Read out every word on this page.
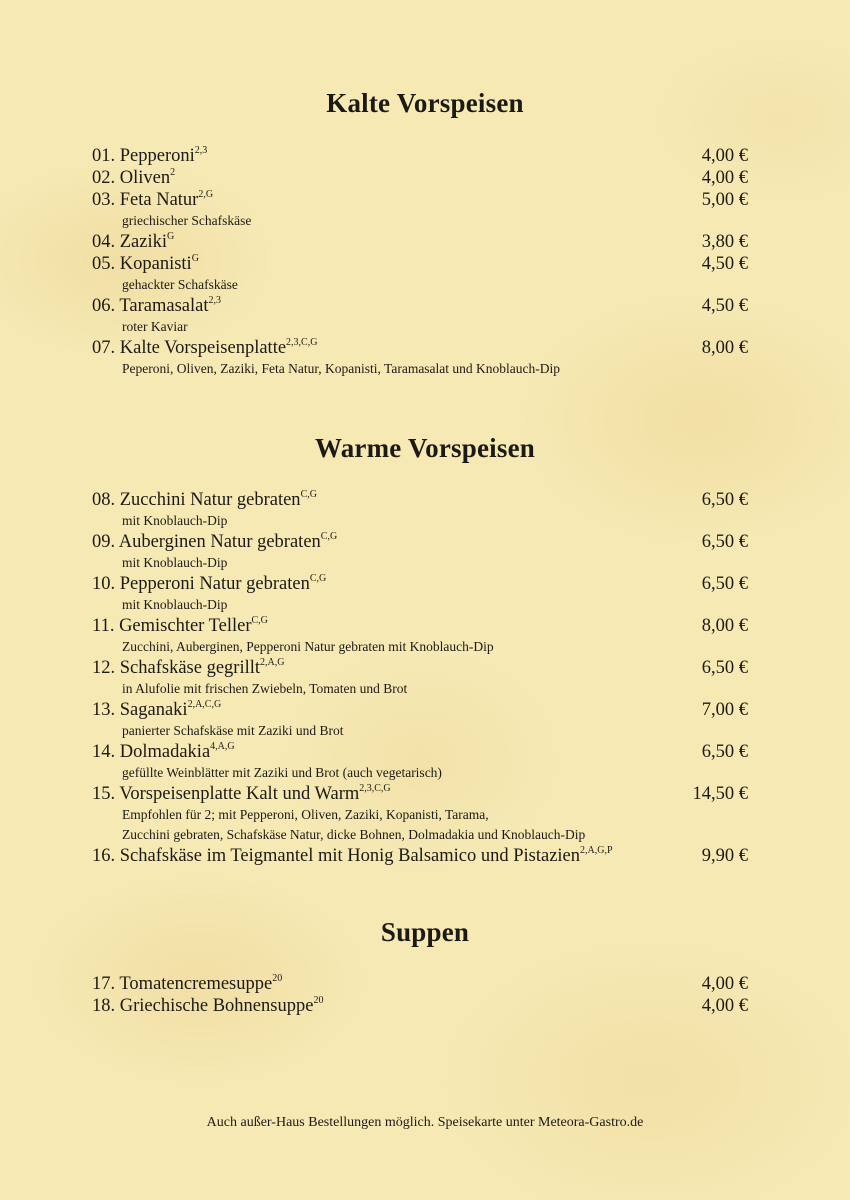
Kalte Vorspeisen
01. Pepperoni$^{2,3}$	4,00 €
02. Oliven$^2$	4,00 €
03. Feta Natur$^{2,G}$	5,00 €
griechischer Schafskäse
04. Zaziki$^G$	3,80 €
05. Kopanisti$^G$	4,50 €
gehackter Schafskäse
06. Taramasalat$^{2,3}$	4,50 €
roter Kaviar
07. Kalte Vorspeisenplatte$^{2,3,C,G}$	8,00 €
Peperoni, Oliven, Zaziki, Feta Natur, Kopanisti, Taramasalat und Knoblauch-Dip
Warme Vorspeisen
08. Zucchini Natur gebraten$^{C,G}$	6,50 €
mit Knoblauch-Dip
09. Auberginen Natur gebraten$^{C,G}$	6,50 €
mit Knoblauch-Dip
10. Pepperoni Natur gebraten$^{C,G}$	6,50 €
mit Knoblauch-Dip
11. Gemischter Teller$^{C,G}$	8,00 €
Zucchini, Auberginen, Pepperoni Natur gebraten mit Knoblauch-Dip
12. Schafskäse gegrillt$^{2,A,G}$	6,50 €
in Alufolie mit frischen Zwiebeln, Tomaten und Brot
13. Saganaki$^{2,A,C,G}$	7,00 €
panierter Schafskäse mit Zaziki und Brot
14. Dolmadakia$^{4,A,G}$	6,50 €
gefüllte Weinblätter mit Zaziki und Brot (auch vegetarisch)
15. Vorspeisenplatte Kalt und Warm$^{2,3,C,G}$	14,50 €
Empfohlen für 2; mit Pepperoni, Oliven, Zaziki, Kopanisti, Tarama,
Zucchini gebraten, Schafskäse Natur, dicke Bohnen, Dolmadakia und Knoblauch-Dip
16. Schafskäse im Teigmantel mit Honig Balsamico und Pistazien$^{2,A,G,P}$	9,90 €
Suppen
17. Tomatencremesuppe$^{20}$	4,00 €
18. Griechische Bohnensuppe$^{20}$	4,00 €
Auch außer-Haus Bestellungen möglich. Speisekarte unter Meteora-Gastro.de
